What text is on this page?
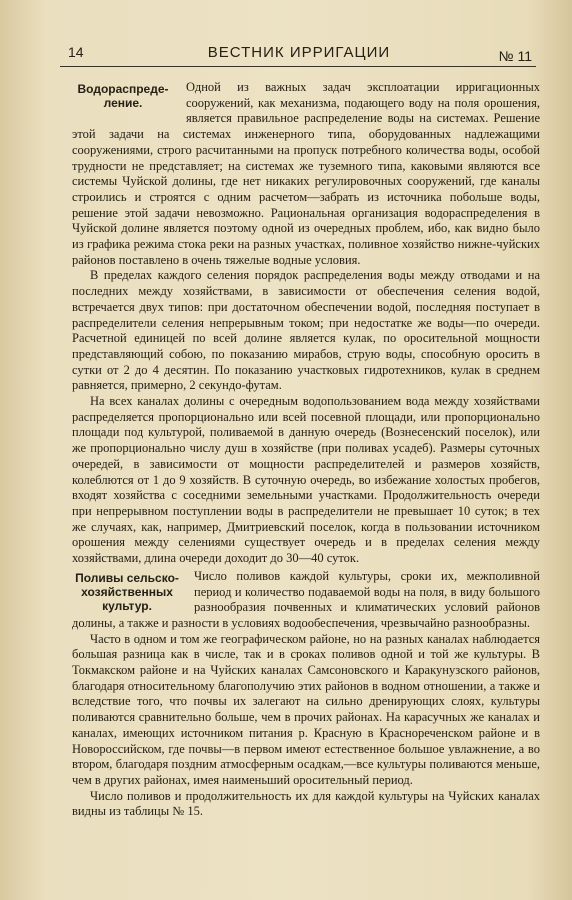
14	ВЕСТНИК ИРРИГАЦИИ	№ 11
Водораспреде-ление.

Одной из важных задач эксплоатации ирригационных сооружений, как механизма, подающего воду на поля орошения, является правильное распределение воды на системах. Решение этой задачи на системах инженерного типа, оборудованных надлежащими сооружениями, строго расчитанными на пропуск потребного количества воды, особой трудности не представляет; на системах же туземного типа, каковыми являются все системы Чуйской долины, где нет никаких регулировочных сооружений, где каналы строились и строятся с одним расчетом—забрать из источника побольше воды, решение этой задачи невозможно. Рациональная организация водораспределения в Чуйской долине является поэтому одной из очередных проблем, ибо, как видно было из графика режима стока реки на разных участках, поливное хозяйство нижне-чуйских районов поставлено в очень тяжелые водные условия.

В пределах каждого селения порядок распределения воды между отводами и на последних между хозяйствами, в зависимости от обеспечения селения водой, встречается двух типов: при достаточном обеспечении водой, последняя поступает в распределители селения непрерывным током; при недостатке же воды—по очереди. Расчетной единицей по всей долине является кулак, по оросительной мощности представляющий собою, по показанию мирабов, струю воды, способную оросить в сутки от 2 до 4 десятин. По показанию участковых гидротехников, кулак в среднем равняется, примерно, 2 секундо-футам.

На всех каналах долины с очередным водопользованием вода между хозяйствами распределяется пропорционально или всей посевной площади, или пропорционально площади под культурой, поливаемой в данную очередь (Вознесенский поселок), или же пропорционально числу душ в хозяйстве (при поливах усадеб). Размеры суточных очередей, в зависимости от мощности распределителей и размеров хозяйств, колеблются от 1 до 9 хозяйств. В суточную очередь, во избежание холостых пробегов, входят хозяйства с соседними земельными участками. Продолжительность очереди при непрерывном поступлении воды в распределители не превышает 10 суток; в тех же случаях, как, например, Дмитриевский поселок, когда в пользовании источником орошения между селениями существует очередь и в пределах селения между хозяйствами, длина очереди доходит до 30—40 суток.

Поливы сельско-хозяйственных культур.

Число поливов каждой культуры, сроки их, межполивной период и количество подаваемой воды на поля, в виду большого разнообразия почвенных и климатических условий районов долины, а также и разности в условиях водообеспечения, чрезвычайно разнообразны.

Часто в одном и том же географическом районе, но на разных каналах наблюдается большая разница как в числе, так и в сроках поливов одной и той же культуры. В Токмакском районе и на Чуйских каналах Самсоновского и Каракунузского районов, благодаря относительному благополучию этих районов в водном отношении, а также и вследствие того, что почвы их залегают на сильно дренирующих слоях, культуры поливаются сравнительно больше, чем в прочих районах. На карасучных же каналах и каналах, имеющих источником питания р. Красную в Краснореченском районе и в Новороссийском, где почвы—в первом имеют естественное большое увлажнение, а во втором, благодаря поздним атмосферным осадкам,—все культуры поливаются меньше, чем в других районах, имея наименьший оросительный период.

Число поливов и продолжительность их для каждой культуры на Чуйских каналах видны из таблицы № 15.
